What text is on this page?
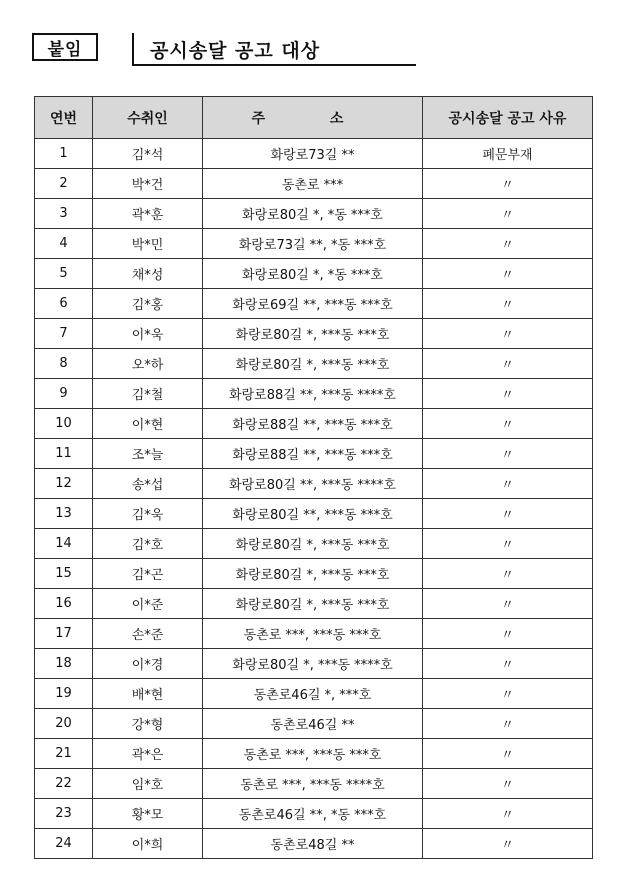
붙임	공시송달 공고 대상
연번	수취인	주 소	공시송달 공고 사유
1	김*석	화랑로73길 **	폐문부재
2	박*건	동촌로 ***	〃
3	곽*훈	화랑로80길 *, *동 ***호	〃
4	박*민	화랑로73길 **, *동 ***호	〃
5	채*성	화랑로80길 *, *동 ***호	〃
6	김*홍	화랑로69길 **, ***동 ***호	〃
7	이*욱	화랑로80길 *, ***동 ***호	〃
8	오*하	화랑로80길 *, ***동 ***호	〃
9	김*철	화랑로88길 **, ***동 ****호	〃
10	이*현	화랑로88길 **, ***동 ***호	〃
11	조*늘	화랑로88길 **, ***동 ***호	〃
12	송*섭	화랑로80길 **, ***동 ****호	〃
13	김*욱	화랑로80길 **, ***동 ***호	〃
14	김*호	화랑로80길 *, ***동 ***호	〃
15	김*곤	화랑로80길 *, ***동 ***호	〃
16	이*준	화랑로80길 *, ***동 ***호	〃
17	손*준	동촌로 ***, ***동 ***호	〃
18	이*경	화랑로80길 *, ***동 ****호	〃
19	배*현	동촌로46길 *, ***호	〃
20	강*형	동촌로46길 **	〃
21	곽*은	동촌로 ***, ***동 ***호	〃
22	임*호	동촌로 ***, ***동 ****호	〃
23	황*모	동촌로46길 **, *동 ***호	〃
24	이*희	동촌로48길 **	〃
